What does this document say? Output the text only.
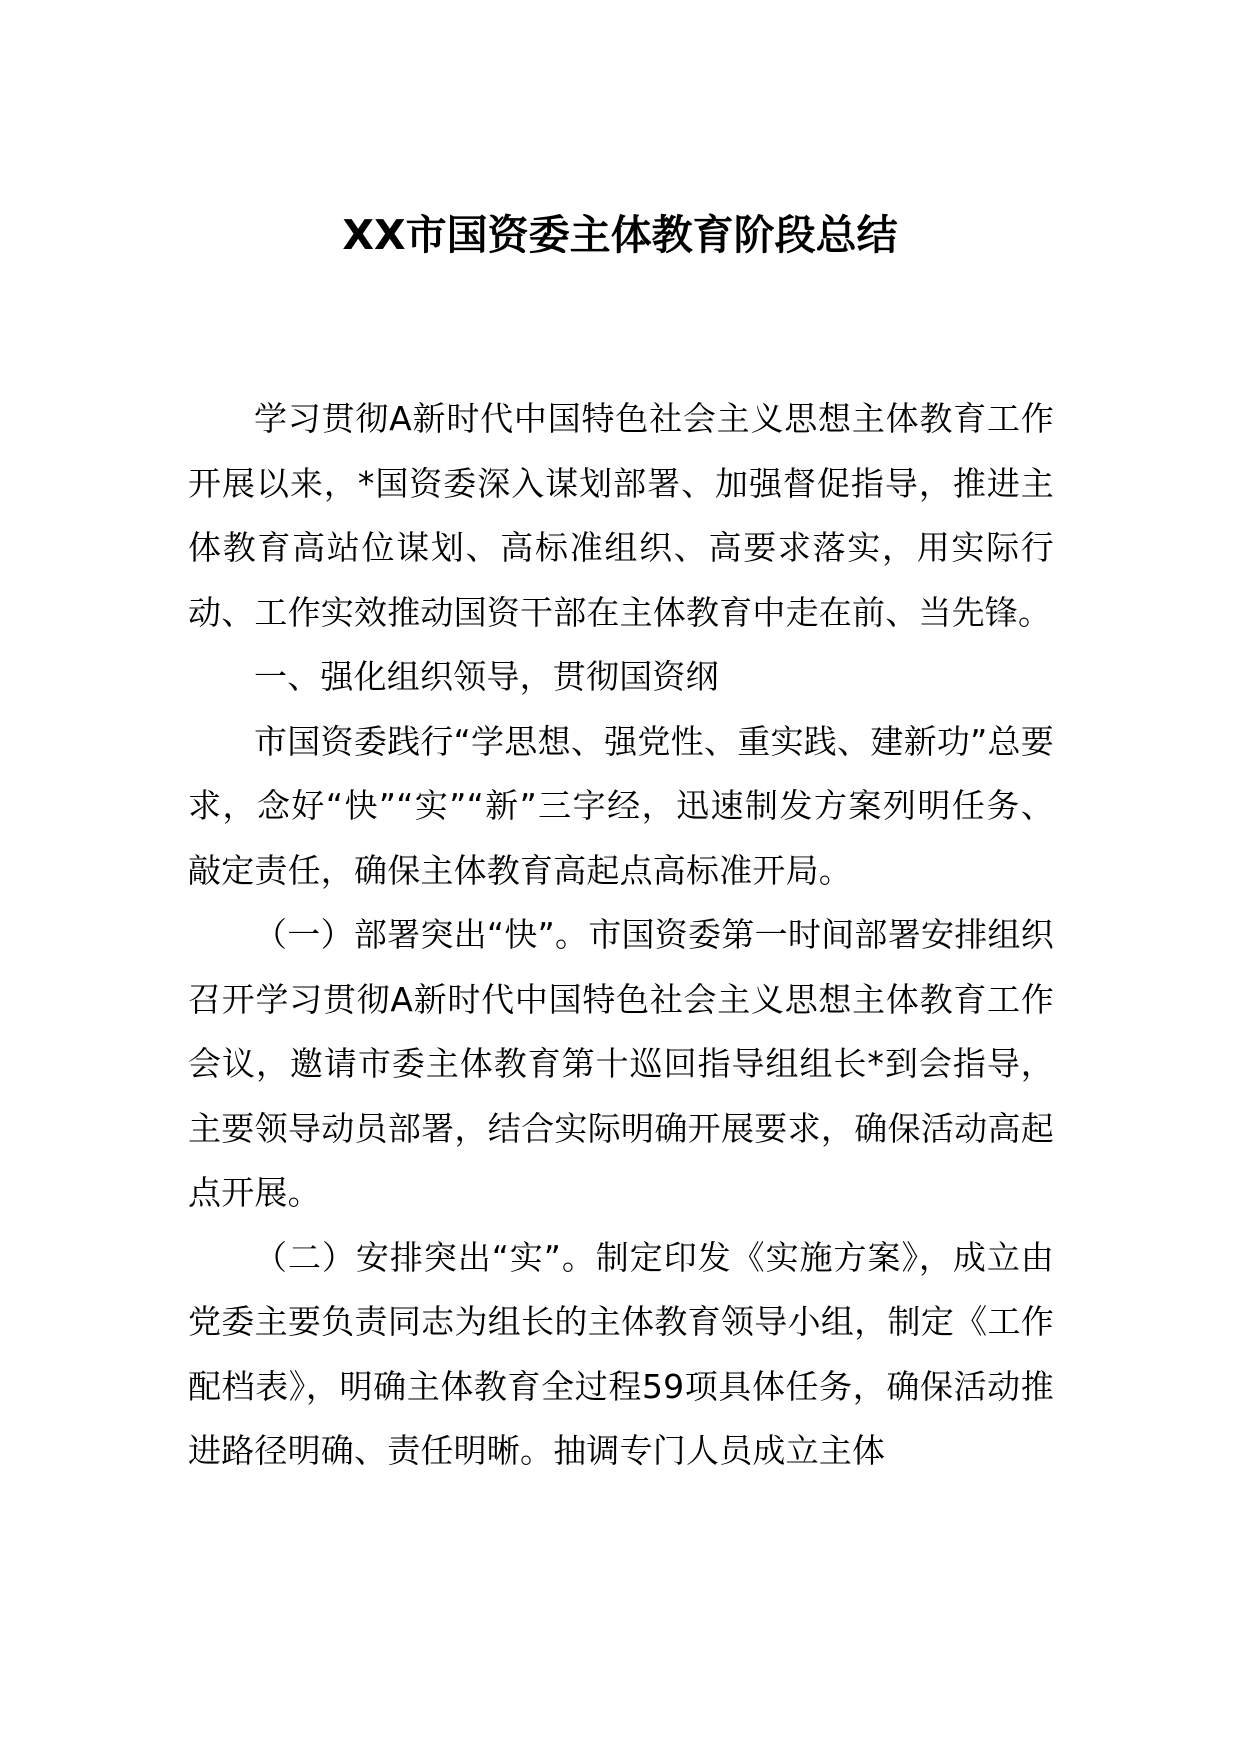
XX市国资委主体教育阶段总结

学习贯彻A新时代中国特色社会主义思想主体教育工作开展以来，*国资委深入谋划部署、加强督促指导，推进主体教育高站位谋划、高标准组织、高要求落实，用实际行动、工作实效推动国资干部在主体教育中走在前、当先锋。

一、强化组织领导，贯彻国资纲

市国资委践行“学思想、强党性、重实践、建新功”总要求，念好“快”“实”“新”三字经，迅速制发方案列明任务、敲定责任，确保主体教育高起点高标准开局。

（一）部署突出“快”。市国资委第一时间部署安排组织召开学习贯彻A新时代中国特色社会主义思想主体教育工作会议，邀请市委主体教育第十巡回指导组组长*到会指导，主要领导动员部署，结合实际明确开展要求，确保活动高起点开展。

（二）安排突出“实”。制定印发《实施方案》，成立由党委主要负责同志为组长的主体教育领导小组，制定《工作配档表》，明确主体教育全过程59项具体任务，确保活动推进路径明确、责任明晰。抽调专门人员成立主体
